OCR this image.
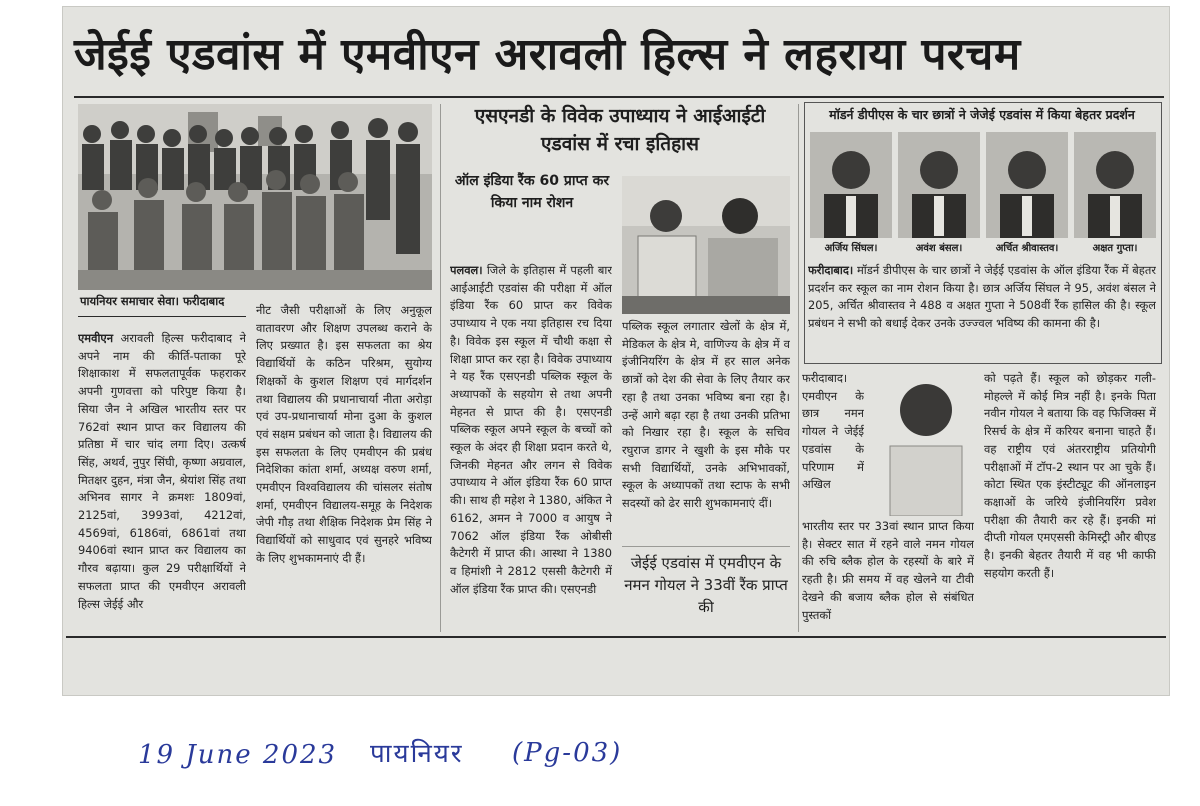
जेईई एडवांस में एमवीएन अरावली हिल्स ने लहराया परचम
पायनियर समाचार सेवा। फरीदाबाद
एमवीएन अरावली हिल्स फरीदाबाद ने अपने नाम की कीर्ति-पताका पूरे शिक्षाकाश में सफलतापूर्वक फहराकर अपनी गुणवत्ता को परिपुष्ट किया है। सिया जैन ने अखिल भारतीय स्तर पर 762वां स्थान प्राप्त कर विद्यालय की प्रतिष्ठा में चार चांद लगा दिए। उत्कर्ष सिंह, अथर्व, नुपुर सिंघी, कृष्णा अग्रवाल, मितक्षर दुहन, मंत्रा जैन, श्रेयांश सिंह तथा अभिनव सागर ने क्रमशः 1809वां, 2125वां, 3993वां, 4212वां, 4569वां, 6186वां, 6861वां तथा 9406वां स्थान प्राप्त कर विद्यालय का गौरव बढ़ाया। कुल 29 परीक्षार्थियों ने सफलता प्राप्त की एमवीएन अरावली हिल्स जेईई और
नीट जैसी परीक्षाओं के लिए अनुकूल वातावरण और शिक्षण उपलब्ध कराने के लिए प्रख्यात है। इस सफलता का श्रेय विद्यार्थियों के कठिन परिश्रम, सुयोग्य शिक्षकों के कुशल शिक्षण एवं मार्गदर्शन तथा विद्यालय की प्रधानाचार्या नीता अरोड़ा एवं उप-प्रधानाचार्या मोना दुआ के कुशल एवं सक्षम प्रबंधन को जाता है। विद्यालय की इस सफलता के लिए एमवीएन की प्रबंध निदेशिका कांता शर्मा, अध्यक्ष वरुण शर्मा, एमवीएन विश्वविद्यालय की चांसलर संतोष शर्मा, एमवीएन विद्यालय-समूह के निदेशक जेपी गौड़ तथा शैक्षिक निदेशक प्रेम सिंह ने विद्यार्थियों को साधुवाद एवं सुनहरे भविष्य के लिए शुभकामनाएं दी हैं।
एसएनडी के विवेक उपाध्याय ने आईआईटी एडवांस में रचा इतिहास
ऑल इंडिया रैंक 60 प्राप्त कर किया नाम रोशन
पलवल। जिले के इतिहास में पहली बार आईआईटी एडवांस की परीक्षा में ऑल इंडिया रैंक 60 प्राप्त कर विवेक उपाध्याय ने एक नया इतिहास रच दिया है। विवेक इस स्कूल में चौथी कक्षा से शिक्षा प्राप्त कर रहा है। विवेक उपाध्याय ने यह रैंक एसएनडी पब्लिक स्कूल के अध्यापकों के सहयोग से तथा अपनी मेहनत से प्राप्त की है। एसएनडी पब्लिक स्कूल अपने स्कूल के बच्चों को स्कूल के अंदर ही शिक्षा प्रदान करते थे, जिनकी मेहनत और लगन से विवेक उपाध्याय ने ऑल इंडिया रैंक 60 प्राप्त की। साथ ही महेश ने 1380, अंकित ने 6162, अमन ने 7000 व आयुष ने 7062 ऑल इंडिया रैंक ओबीसी कैटेगरी में प्राप्त की। आस्था ने 1380 व हिमांशी ने 2812 एससी कैटेगरी में ऑल इंडिया रैंक प्राप्त की। एसएनडी
पब्लिक स्कूल लगातार खेलों के क्षेत्र में, मेडिकल के क्षेत्र मे, वाणिज्य के क्षेत्र में व इंजीनियरिंग के क्षेत्र में हर साल अनेक छात्रों को देश की सेवा के लिए तैयार कर रहा है तथा उनका भविष्य बना रहा है। उन्हें आगे बढ़ा रहा है तथा उनकी प्रतिभा को निखार रहा है। स्कूल के सचिव रघुराज डागर ने खुशी के इस मौके पर सभी विद्यार्थियों, उनके अभिभावकों, स्कूल के अध्यापकों तथा स्टाफ के सभी सदस्यों को ढेर सारी शुभकामनाएं दीं।
जेईई एडवांस में एमवीएन के नमन गोयल ने 33वीं रैंक प्राप्त की
मॉडर्न डीपीएस के चार छात्रों ने जेजेई एडवांस में किया बेहतर प्रदर्शन
अर्जिय सिंघल।	अवंश बंसल।	अर्चित श्रीवास्तव।	अक्षत गुप्ता।
फरीदाबाद। मॉडर्न डीपीएस के चार छात्रों ने जेईई एडवांस के ऑल इंडिया रैंक में बेहतर प्रदर्शन कर स्कूल का नाम रोशन किया है। छात्र अर्जिय सिंघल ने 95, अवंश बंसल ने 205, अर्चित श्रीवास्तव ने 488 व अक्षत गुप्ता ने 508वीं रैंक हासिल की है। स्कूल प्रबंधन ने सभी को बधाई देकर उनके उज्ज्वल भविष्य की कामना की है।
फरीदाबाद। एमवीएन के छात्र नमन गोयल ने जेईई एडवांस के परिणाम में अखिल
भारतीय स्तर पर 33वां स्थान प्राप्त किया है। सेक्टर सात में रहने वाले नमन गोयल की रुचि ब्लैक होल के रहस्यों के बारे में रहती है। फ्री समय में वह खेलने या टीवी देखने की बजाय ब्लैक होल से संबंधित पुस्तकों
को पढ़ते हैं। स्कूल को छोड़कर गली-मोहल्ले में कोई मित्र नहीं है। इनके पिता नवीन गोयल ने बताया कि वह फिजिक्स में रिसर्च के क्षेत्र में करियर बनाना चाहते हैं। वह राष्ट्रीय एवं अंतरराष्ट्रीय प्रतियोगी परीक्षाओं में टॉप-2 स्थान पर आ चुके हैं। कोटा स्थित एक इंस्टीट्यूट की ऑनलाइन कक्षाओं के जरिये इंजीनियरिंग प्रवेश परीक्षा की तैयारी कर रहे हैं। इनकी मां दीप्ती गोयल एमएससी केमिस्ट्री और बीएड है। इनकी बेहतर तैयारी में वह भी काफी सहयोग करती हैं।
19 June 2023 पायनियर (Pg-03)
